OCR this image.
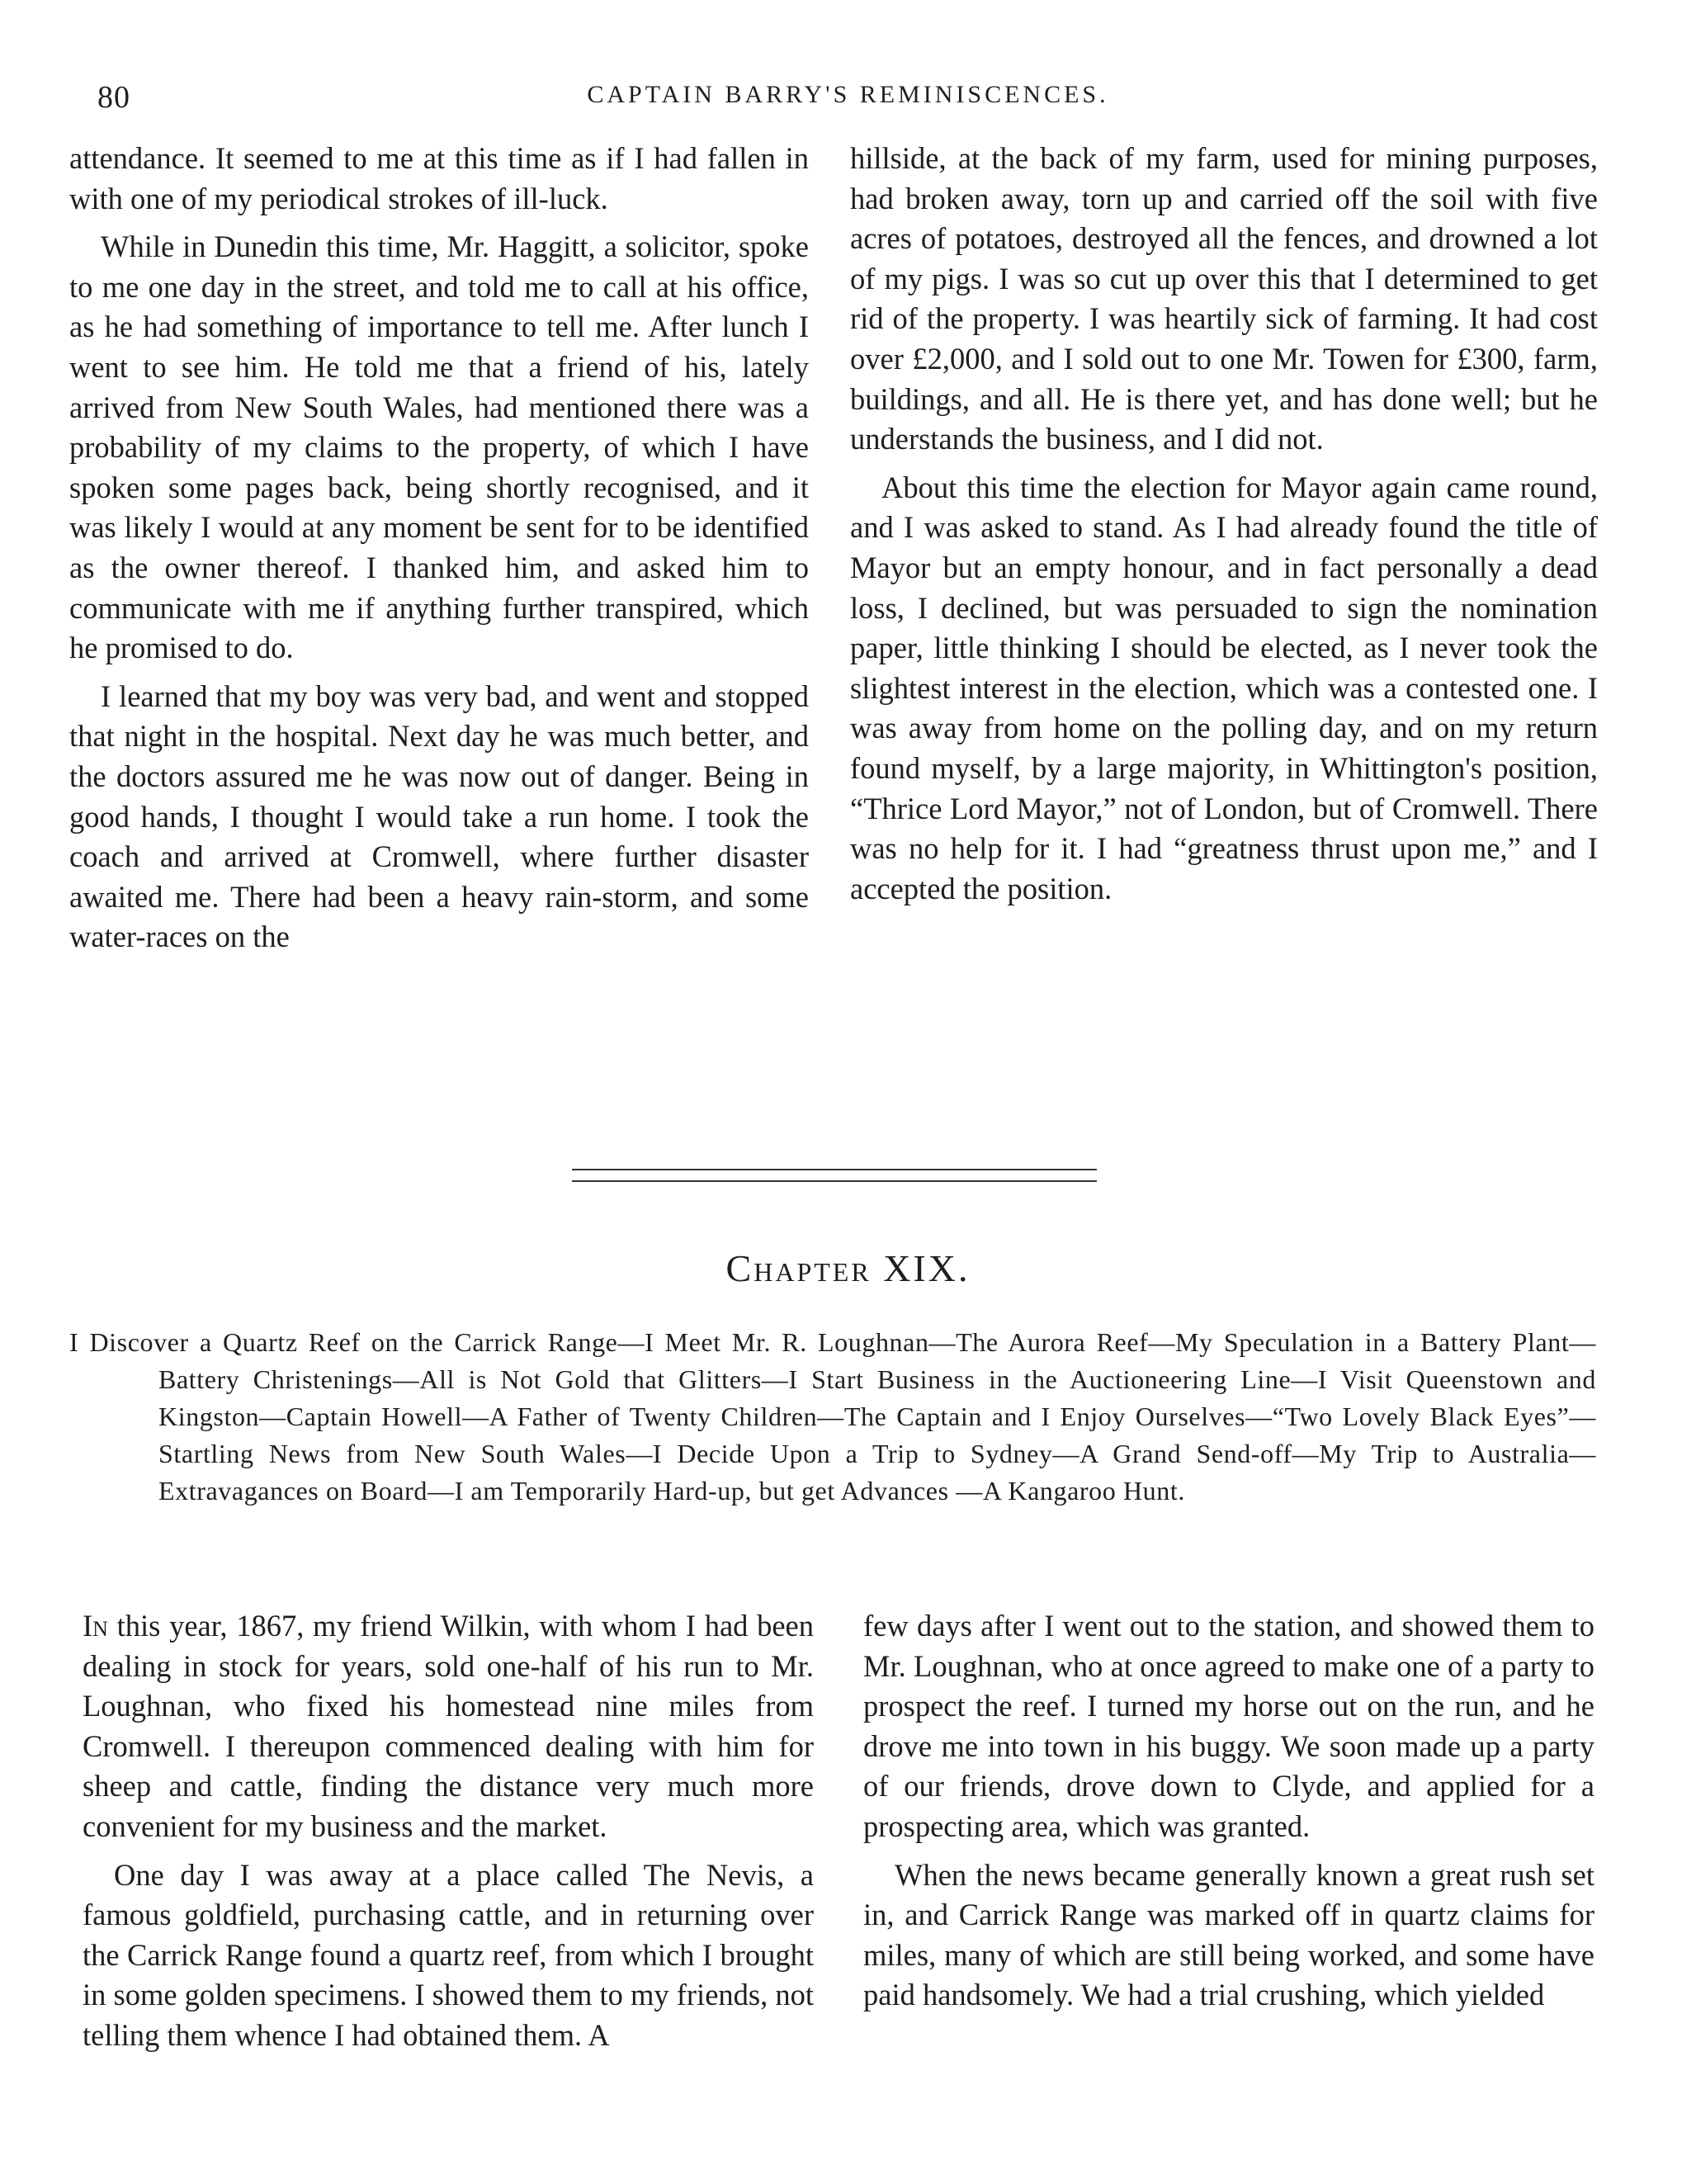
80	CAPTAIN BARRY'S REMINISCENCES.

attendance. It seemed to me at this time as if I had fallen in with one of my periodical strokes of ill-luck.

While in Dunedin this time, Mr. Haggitt, a solicitor, spoke to me one day in the street, and told me to call at his office, as he had something of importance to tell me. After lunch I went to see him. He told me that a friend of his, lately arrived from New South Wales, had mentioned there was a probability of my claims to the property, of which I have spoken some pages back, being shortly recognised, and it was likely I would at any moment be sent for to be identified as the owner thereof. I thanked him, and asked him to communicate with me if anything further transpired, which he promised to do.

I learned that my boy was very bad, and went and stopped that night in the hospital. Next day he was much better, and the doctors assured me he was now out of danger. Being in good hands, I thought I would take a run home. I took the coach and arrived at Cromwell, where further disaster awaited me. There had been a heavy rain-storm, and some water-races on the

hillside, at the back of my farm, used for mining purposes, had broken away, torn up and carried off the soil with five acres of potatoes, destroyed all the fences, and drowned a lot of my pigs. I was so cut up over this that I determined to get rid of the property. I was heartily sick of farming. It had cost over £2,000, and I sold out to one Mr. Towen for £300, farm, buildings, and all. He is there yet, and has done well; but he understands the business, and I did not.

About this time the election for Mayor again came round, and I was asked to stand. As I had already found the title of Mayor but an empty honour, and in fact personally a dead loss, I declined, but was persuaded to sign the nomination paper, little thinking I should be elected, as I never took the slightest interest in the election, which was a contested one. I was away from home on the polling day, and on my return found myself, by a large majority, in Whittington's position, “Thrice Lord Mayor,” not of London, but of Cromwell. There was no help for it. I had “greatness thrust upon me,” and I accepted the position.

Chapter XIX.
I Discover a Quartz Reef on the Carrick Range—I Meet Mr. R. Loughnan—The Aurora Reef—My Speculation in a Battery Plant— Battery Christenings—All is Not Gold that Glitters—I Start Business in the Auctioneering Line—I Visit Queenstown and Kingston—Captain Howell—A Father of Twenty Children—The Captain and I Enjoy Ourselves—“Two Lovely Black Eyes”—Startling News from New South Wales—I Decide Upon a Trip to Sydney—A Grand Send-off—My Trip to Australia—Extravagances on Board—I am Temporarily Hard-up, but get Advances —A Kangaroo Hunt.

In this year, 1867, my friend Wilkin, with whom I had been dealing in stock for years, sold one-half of his run to Mr. Loughnan, who fixed his homestead nine miles from Cromwell. I thereupon commenced dealing with him for sheep and cattle, finding the distance very much more convenient for my business and the market.

One day I was away at a place called The Nevis, a famous goldfield, purchasing cattle, and in returning over the Carrick Range found a quartz reef, from which I brought in some golden specimens. I showed them to my friends, not telling them whence I had obtained them. A

few days after I went out to the station, and showed them to Mr. Loughnan, who at once agreed to make one of a party to prospect the reef. I turned my horse out on the run, and he drove me into town in his buggy. We soon made up a party of our friends, drove down to Clyde, and applied for a prospecting area, which was granted.

When the news became generally known a great rush set in, and Carrick Range was marked off in quartz claims for miles, many of which are still being worked, and some have paid handsomely. We had a trial crushing, which yielded
